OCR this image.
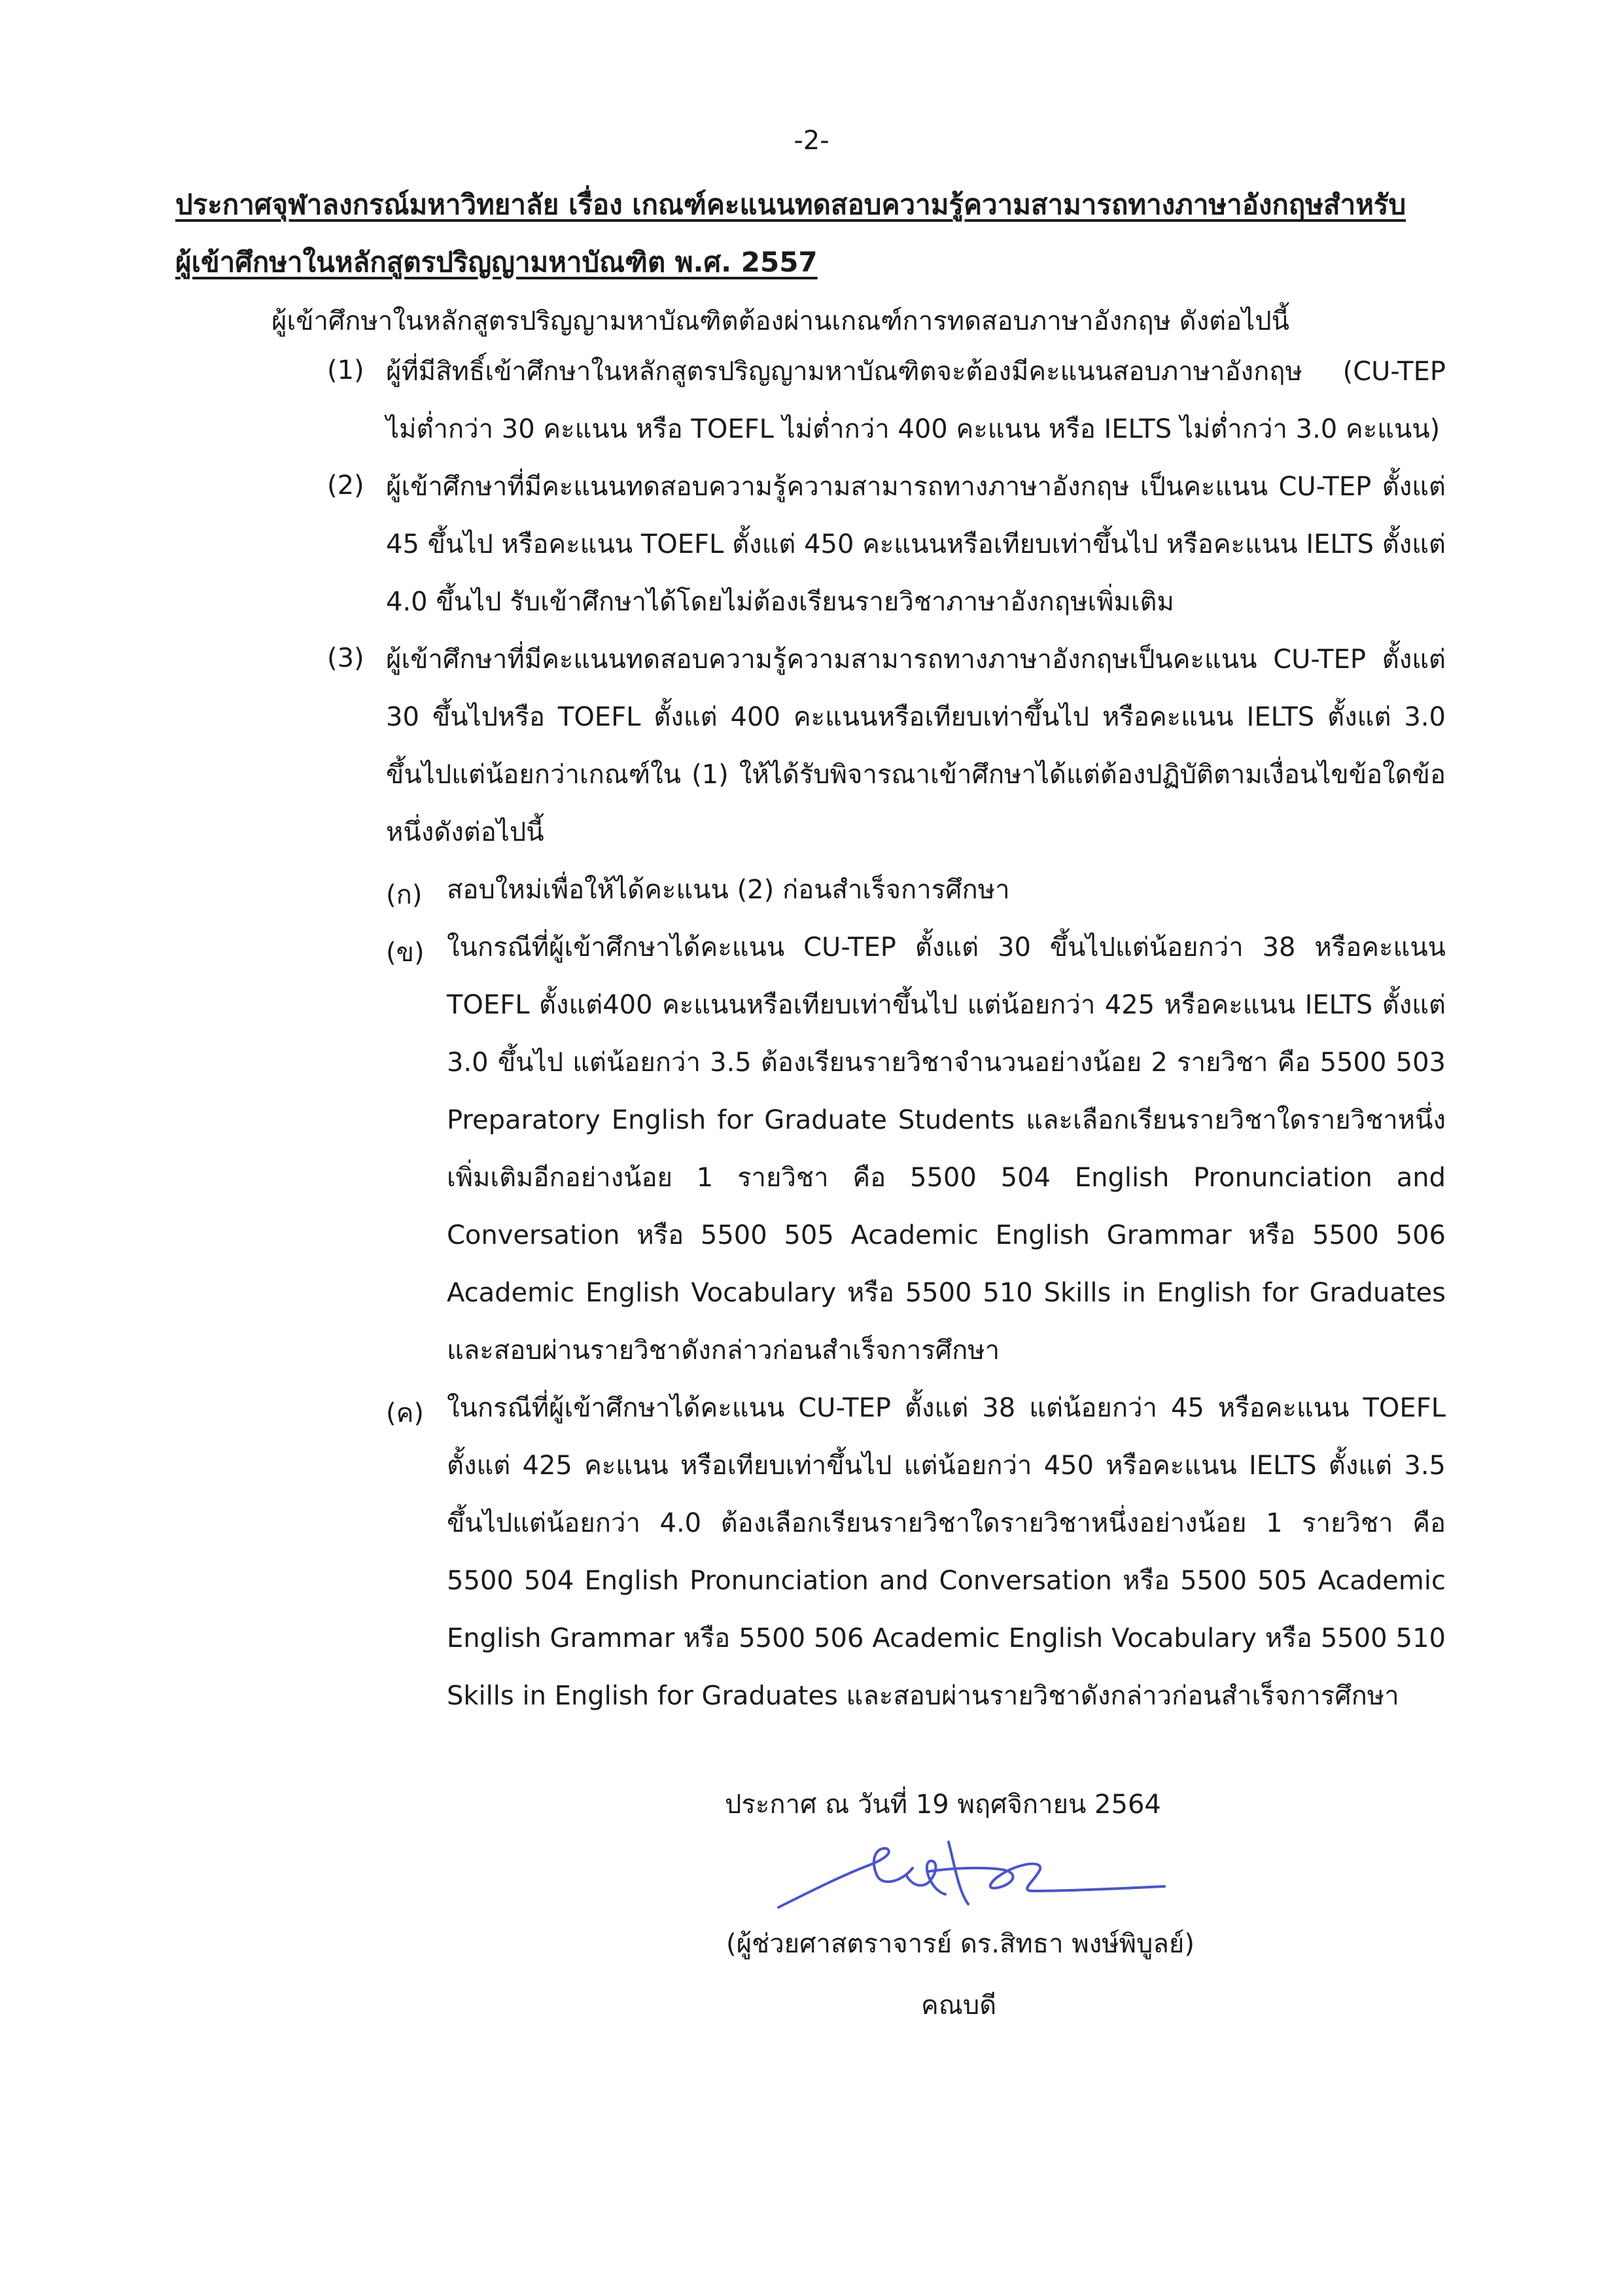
-2-
ประกาศจุฬาลงกรณ์มหาวิทยาลัย เรื่อง เกณฑ์คะแนนทดสอบความรู้ความสามารถทางภาษาอังกฤษสำหรับ
ผู้เข้าศึกษาในหลักสูตรปริญญามหาบัณฑิต พ.ศ. 2557
ผู้เข้าศึกษาในหลักสูตรปริญญามหาบัณฑิตต้องผ่านเกณฑ์การทดสอบภาษาอังกฤษ ดังต่อไปนี้
(1) ผู้ที่มีสิทธิ์เข้าศึกษาในหลักสูตรปริญญามหาบัณฑิตจะต้องมีคะแนนสอบภาษาอังกฤษ (CU-TEP ไม่ต่ำกว่า 30 คะแนน หรือ TOEFL ไม่ต่ำกว่า 400 คะแนน หรือ IELTS ไม่ต่ำกว่า 3.0 คะแนน)
(2) ผู้เข้าศึกษาที่มีคะแนนทดสอบความรู้ความสามารถทางภาษาอังกฤษ เป็นคะแนน CU-TEP ตั้งแต่ 45 ขึ้นไป หรือคะแนน TOEFL ตั้งแต่ 450 คะแนนหรือเทียบเท่าขึ้นไป หรือคะแนน IELTS ตั้งแต่ 4.0 ขึ้นไป รับเข้าศึกษาได้โดยไม่ต้องเรียนรายวิชาภาษาอังกฤษเพิ่มเติม
(3) ผู้เข้าศึกษาที่มีคะแนนทดสอบความรู้ความสามารถทางภาษาอังกฤษเป็นคะแนน CU-TEP ตั้งแต่ 30 ขึ้นไปหรือ TOEFL ตั้งแต่ 400 คะแนนหรือเทียบเท่าขึ้นไป หรือคะแนน IELTS ตั้งแต่ 3.0 ขึ้นไปแต่น้อยกว่าเกณฑ์ใน (1) ให้ได้รับพิจารณาเข้าศึกษาได้แต่ต้องปฏิบัติตามเงื่อนไขข้อใดข้อหนึ่งดังต่อไปนี้
(ก) สอบใหม่เพื่อให้ได้คะแนน (2) ก่อนสำเร็จการศึกษา
(ข) ในกรณีที่ผู้เข้าศึกษาได้คะแนน CU-TEP ตั้งแต่ 30 ขึ้นไปแต่น้อยกว่า 38 หรือคะแนน TOEFL ตั้งแต่400 คะแนนหรือเทียบเท่าขึ้นไป แต่น้อยกว่า 425 หรือคะแนน IELTS ตั้งแต่ 3.0 ขึ้นไป แต่น้อยกว่า 3.5 ต้องเรียนรายวิชาจำนวนอย่างน้อย 2 รายวิชา คือ 5500 503 Preparatory English for Graduate Students และเลือกเรียนรายวิชาใดรายวิชาหนึ่งเพิ่มเติมอีกอย่างน้อย 1 รายวิชา คือ 5500 504 English Pronunciation and Conversation หรือ 5500 505 Academic English Grammar หรือ 5500 506 Academic English Vocabulary หรือ 5500 510 Skills in English for Graduates และสอบผ่านรายวิชาดังกล่าวก่อนสำเร็จการศึกษา
(ค) ในกรณีที่ผู้เข้าศึกษาได้คะแนน CU-TEP ตั้งแต่ 38 แต่น้อยกว่า 45 หรือคะแนน TOEFL ตั้งแต่ 425 คะแนน หรือเทียบเท่าขึ้นไป แต่น้อยกว่า 450 หรือคะแนน IELTS ตั้งแต่ 3.5 ขึ้นไปแต่น้อยกว่า 4.0 ต้องเลือกเรียนรายวิชาใดรายวิชาหนึ่งอย่างน้อย 1 รายวิชา คือ 5500 504 English Pronunciation and Conversation หรือ 5500 505 Academic English Grammar หรือ 5500 506 Academic English Vocabulary หรือ 5500 510 Skills in English for Graduates และสอบผ่านรายวิชาดังกล่าวก่อนสำเร็จการศึกษา
ประกาศ ณ วันที่ 19 พฤศจิกายน 2564
(ผู้ช่วยศาสตราจารย์ ดร.สิทธา พงษ์พิบูลย์)
คณบดี
